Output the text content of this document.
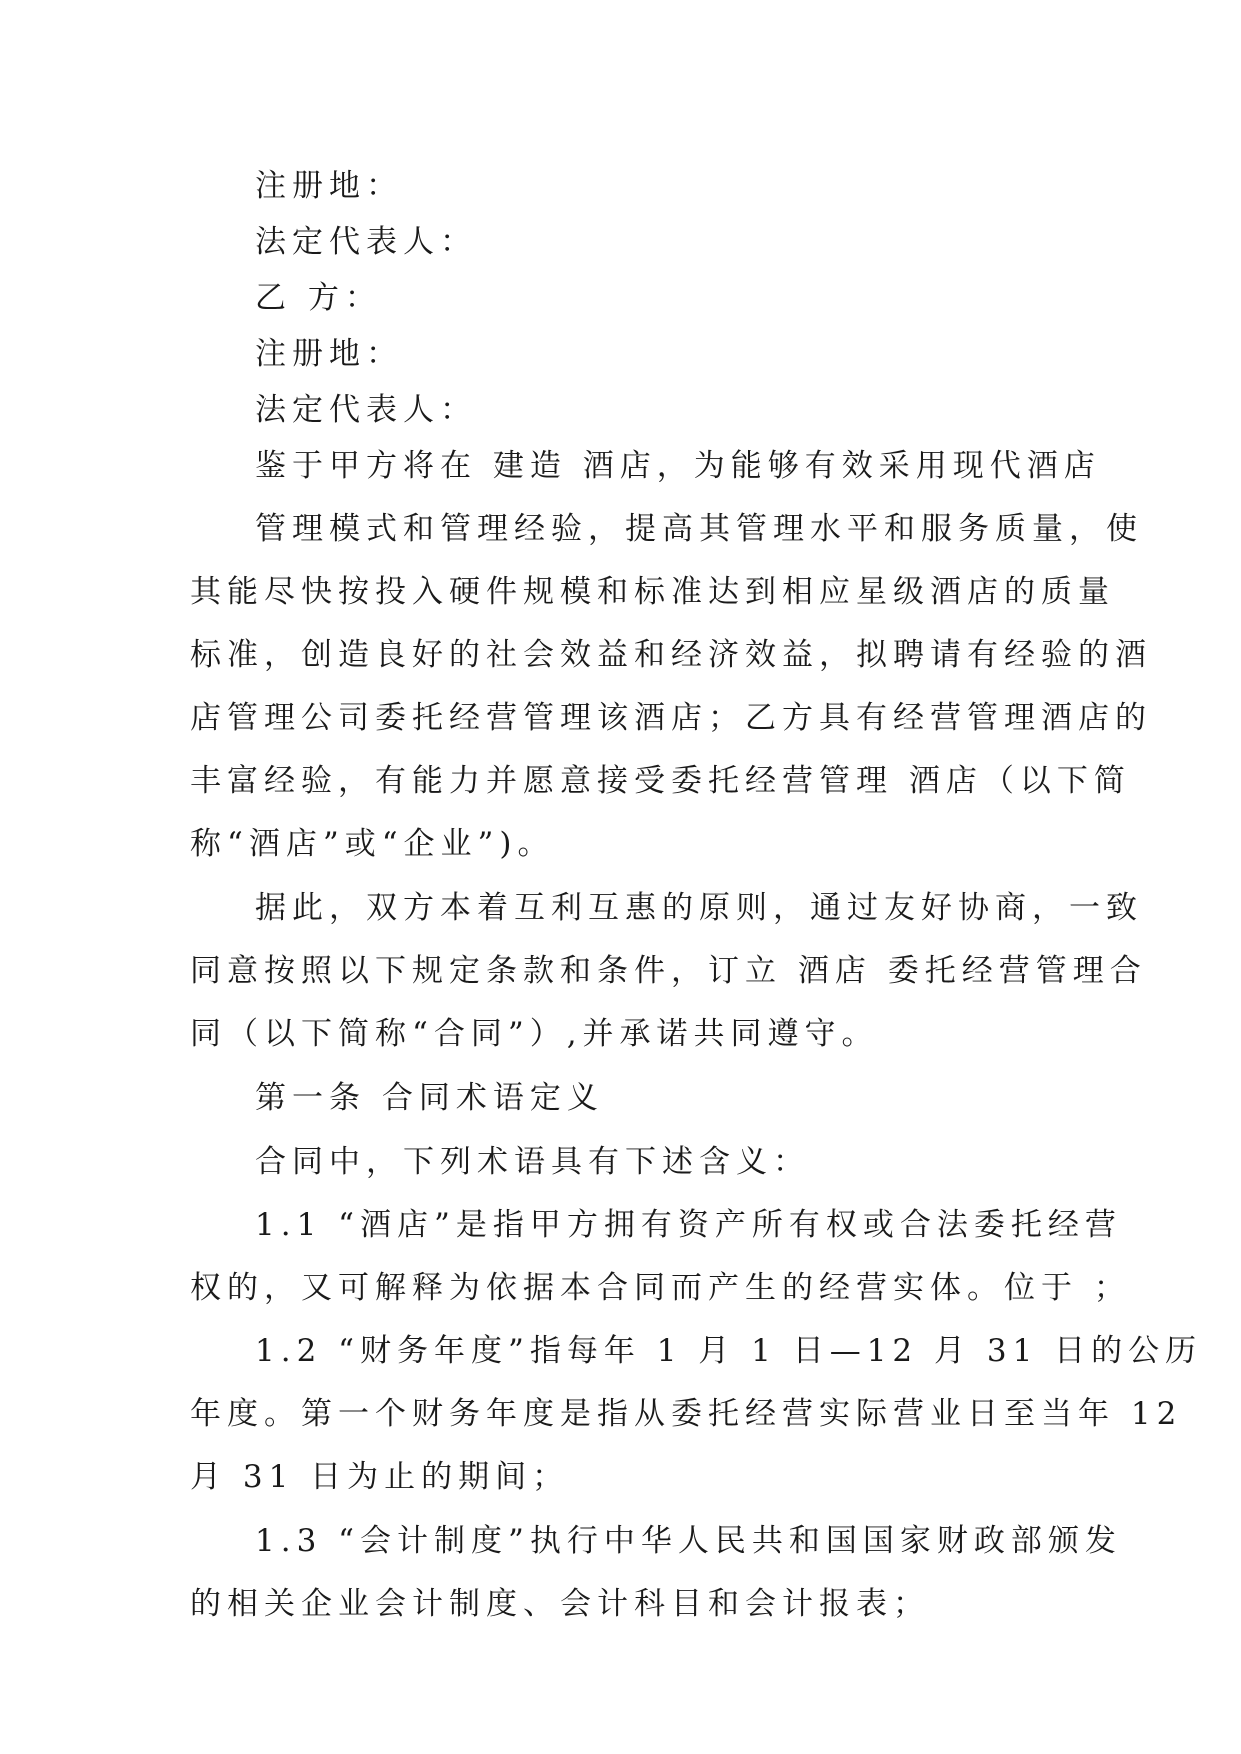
注册地：
法定代表人：
乙 方：
注册地：
法定代表人：
鉴于甲方将在 建造 酒店，为能够有效采用现代酒店
管理模式和管理经验，提高其管理水平和服务质量，使
其能尽快按投入硬件规模和标准达到相应星级酒店的质量
标准，创造良好的社会效益和经济效益，拟聘请有经验的酒
店管理公司委托经营管理该酒店；乙方具有经营管理酒店的
丰富经验，有能力并愿意接受委托经营管理 酒店（以下简
称“酒店”或“企业”)。
据此，双方本着互利互惠的原则，通过友好协商，一致
同意按照以下规定条款和条件，订立 酒店 委托经营管理合
同（以下简称“合同”）,并承诺共同遵守。
第一条 合同术语定义
合同中，下列术语具有下述含义：
1.1 “酒店”是指甲方拥有资产所有权或合法委托经营
权的，又可解释为依据本合同而产生的经营实体。位于 ；
1.2 “财务年度”指每年 1 月 1 日—12 月 31 日的公历
年度。第一个财务年度是指从委托经营实际营业日至当年 12
月 31 日为止的期间；
1.3 “会计制度”执行中华人民共和国国家财政部颁发
的相关企业会计制度、会计科目和会计报表；
